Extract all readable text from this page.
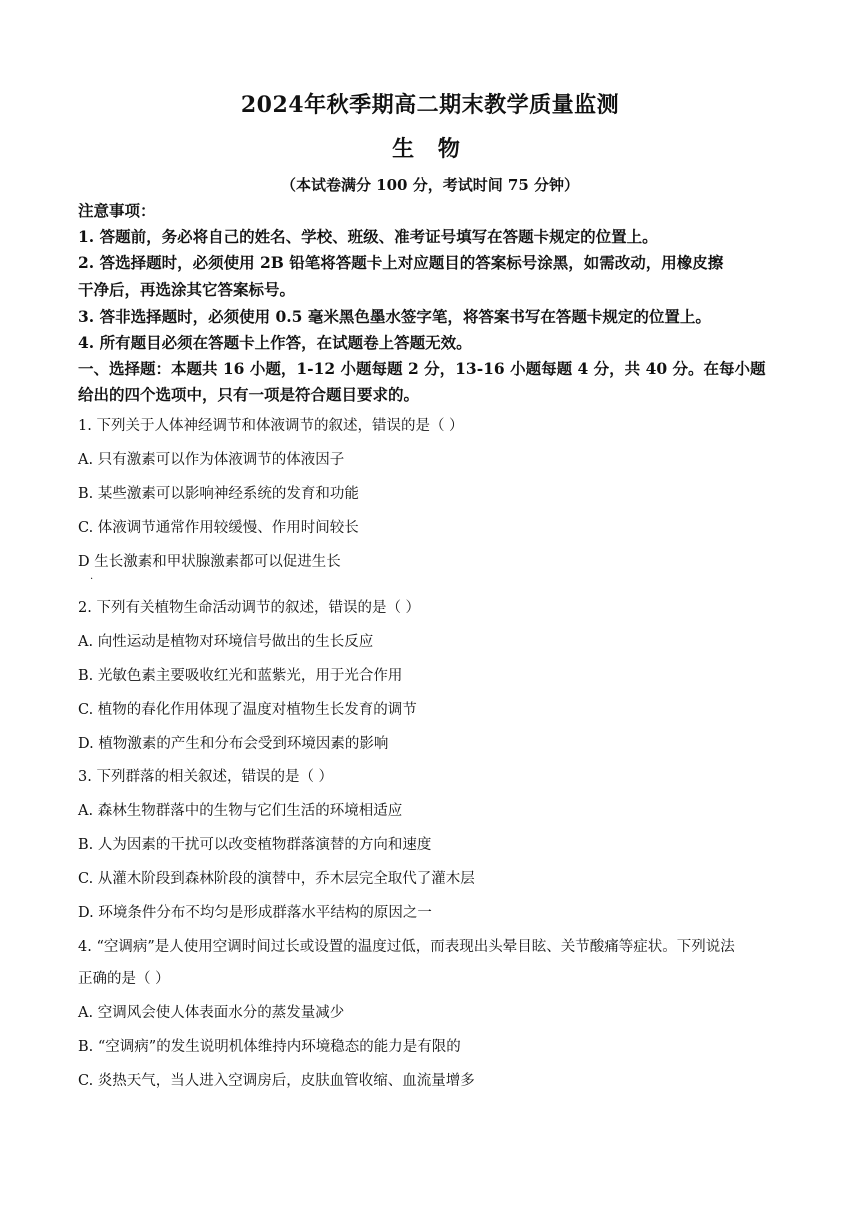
2024年秋季期高二期末教学质量监测
生 物
（本试卷满分 100 分，考试时间 75 分钟）
注意事项：
1. 答题前，务必将自己的姓名、学校、班级、准考证号填写在答题卡规定的位置上。
2. 答选择题时，必须使用 2B 铅笔将答题卡上对应题目的答案标号涂黑，如需改动，用橡皮擦
干净后，再选涂其它答案标号。
3. 答非选择题时，必须使用 0.5 毫米黑色墨水签字笔，将答案书写在答题卡规定的位置上。
4. 所有题目必须在答题卡上作答，在试题卷上答题无效。
一、选择题：本题共 16 小题，1-12 小题每题 2 分，13-16 小题每题 4 分，共 40 分。在每小题
给出的四个选项中，只有一项是符合题目要求的。
1. 下列关于人体神经调节和体液调节的叙述，错误的是（ ）
A. 只有激素可以作为体液调节的体液因子
B. 某些激素可以影响神经系统的发育和功能
C. 体液调节通常作用较缓慢、作用时间较长
D 生长激素和甲状腺激素都可以促进生长
.
2. 下列有关植物生命活动调节的叙述，错误的是（ ）
A. 向性运动是植物对环境信号做出的生长反应
B. 光敏色素主要吸收红光和蓝紫光，用于光合作用
C. 植物的春化作用体现了温度对植物生长发育的调节
D. 植物激素的产生和分布会受到环境因素的影响
3. 下列群落的相关叙述，错误的是（ ）
A. 森林生物群落中的生物与它们生活的环境相适应
B. 人为因素的干扰可以改变植物群落演替的方向和速度
C. 从灌木阶段到森林阶段的演替中，乔木层完全取代了灌木层
D. 环境条件分布不均匀是形成群落水平结构的原因之一
4. “空调病”是人使用空调时间过长或设置的温度过低，而表现出头晕目眩、关节酸痛等症状。下列说法
正确的是（ ）
A. 空调风会使人体表面水分的蒸发量减少
B. “空调病”的发生说明机体维持内环境稳态的能力是有限的
C. 炎热天气，当人进入空调房后，皮肤血管收缩、血流量增多
